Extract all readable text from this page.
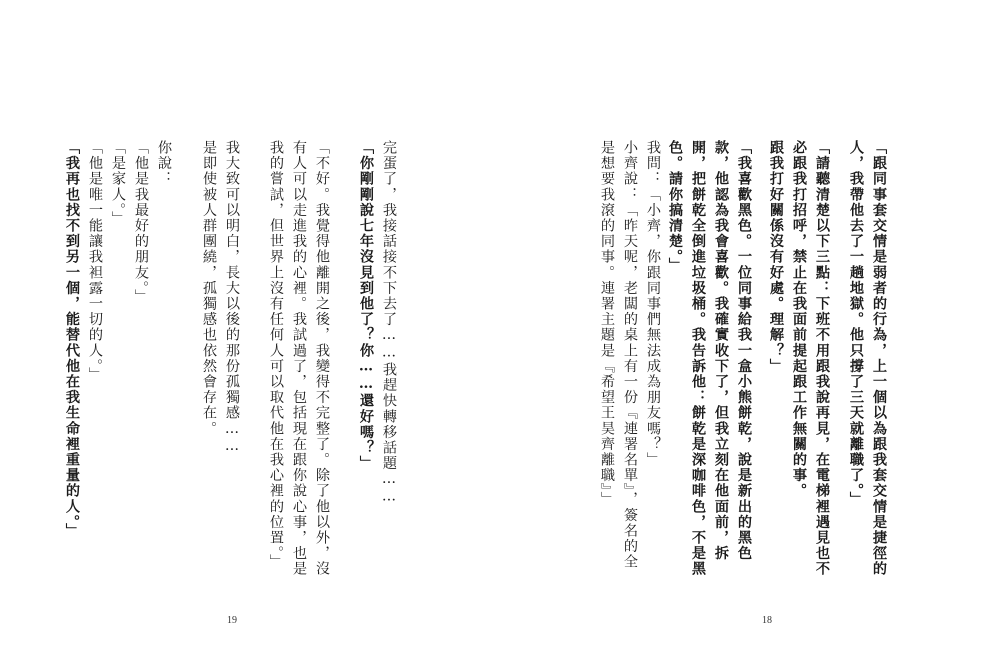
「跟同事套交情是弱者的行為，上一個以為跟我套交情是捷徑的
人，我帶他去了一趟地獄。他只撐了三天就離職了。」
「請聽清楚以下三點：下班不用跟我說再見，在電梯裡遇見也不
必跟我打招呼，禁止在我面前提起跟工作無關的事。
跟我打好關係沒有好處。理解？」
「我喜歡黑色。一位同事給我一盒小熊餅乾，說是新出的黑色
款，他認為我會喜歡。我確實收下了，但我立刻在他面前，拆
開，把餅乾全倒進垃圾桶。我告訴他：餅乾是深咖啡色，不是黑
色。請你搞清楚。」
我問：「小齊，你跟同事們無法成為朋友嗎？」
小齊說：「昨天呢，老闆的桌上有一份『連署名單』，簽名的全
是想要我滾的同事。連署主題是『希望王昊齊離職』」
18
完蛋了，我接話接不下去了……我趕快轉移話題……
「你剛剛說七年沒見到他了？你……還好嗎？」
「不好。我覺得他離開之後，我變得不完整了。除了他以外，沒
有人可以走進我的心裡。我試過了，包括現在跟你說心事，也是
我的嘗試，但世界上沒有任何人可以取代他在我心裡的位置。」
我大致可以明白，長大以後的那份孤獨感……
是即使被人群團繞，孤獨感也依然會存在。
你說：
「他是我最好的朋友。」
「是家人。」
「他是唯一能讓我袒露一切的人。」
「我再也找不到另一個，能替代他在我生命裡重量的人。」
19
